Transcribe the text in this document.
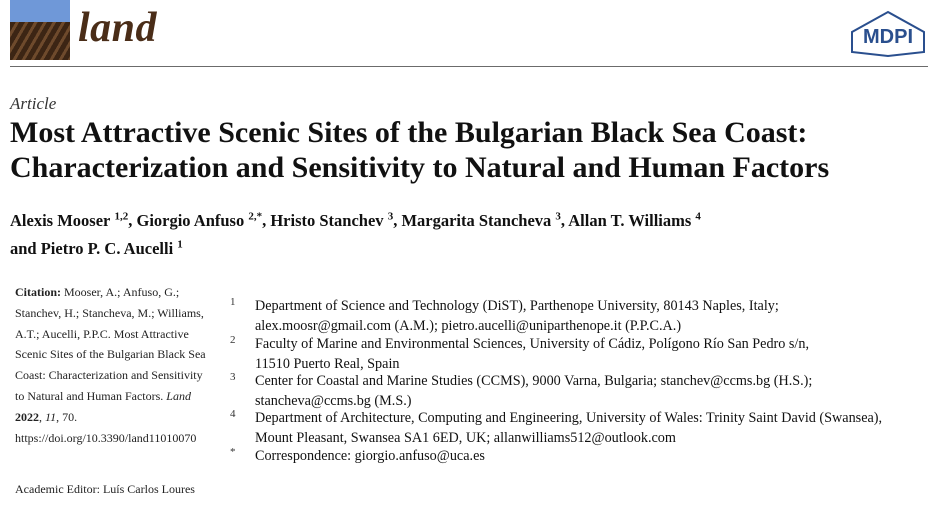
land	MDPI
Article
Most Attractive Scenic Sites of the Bulgarian Black Sea Coast:
Characterization and Sensitivity to Natural and Human Factors
Alexis Mooser $^{1,2}$, Giorgio Anfuso $^{2,*}$, Hristo Stanchev $^3$, Margarita Stancheva $^3$, Allan T. Williams $^4$
and Pietro P. C. Aucelli $^1$
Citation: Mooser, A.; Anfuso, G.; Stanchev, H.; Stancheva, M.; Williams, A.T.; Aucelli, P.P.C. Most Attractive Scenic Sites of the Bulgarian Black Sea Coast: Characterization and Sensitivity to Natural and Human Factors. Land 2022, 11, 70. https://doi.org/10.3390/land11010070
Academic Editor: Luís Carlos Loures
1 Department of Science and Technology (DiST), Parthenope University, 80143 Naples, Italy;
alex.moosr@gmail.com (A.M.); pietro.aucelli@uniparthenope.it (P.P.C.A.)
2 Faculty of Marine and Environmental Sciences, University of Cádiz, Polígono Río San Pedro s/n,
11510 Puerto Real, Spain
3 Center for Coastal and Marine Studies (CCMS), 9000 Varna, Bulgaria; stanchev@ccms.bg (H.S.);
stancheva@ccms.bg (M.S.)
4 Department of Architecture, Computing and Engineering, University of Wales: Trinity Saint David (Swansea),
Mount Pleasant, Swansea SA1 6ED, UK; allanwilliams512@outlook.com
* Correspondence: giorgio.anfuso@uca.es
